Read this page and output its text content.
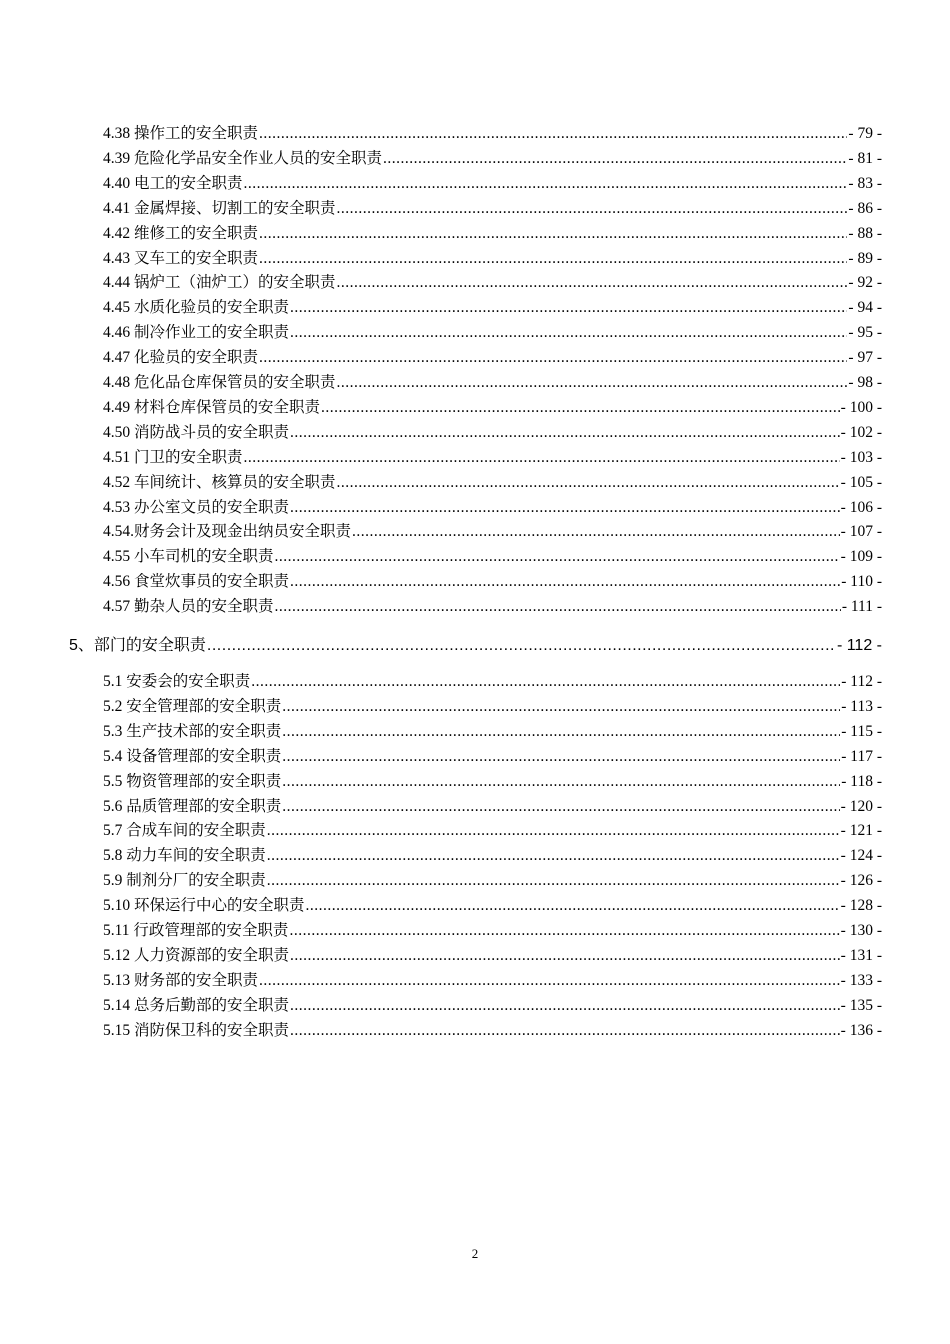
4.38 操作工的安全职责 .....	- 79 -
4.39 危险化学品安全作业人员的安全职责 .....	- 81 -
4.40 电工的安全职责 .....	- 83 -
4.41 金属焊接、切割工的安全职责 .....	- 86 -
4.42 维修工的安全职责 .....	- 88 -
4.43 叉车工的安全职责 .....	- 89 -
4.44 锅炉工（油炉工）的安全职责 .....	- 92 -
4.45 水质化验员的安全职责 .....	- 94 -
4.46 制冷作业工的安全职责 .....	- 95 -
4.47 化验员的安全职责 .....	- 97 -
4.48 危化品仓库保管员的安全职责 .....	- 98 -
4.49 材料仓库保管员的安全职责 .....	- 100 -
4.50 消防战斗员的安全职责 .....	- 102 -
4.51 门卫的安全职责 .....	- 103 -
4.52 车间统计、核算员的安全职责 .....	- 105 -
4.53 办公室文员的安全职责 .....	- 106 -
4.54.财务会计及现金出纳员安全职责 .....	- 107 -
4.55 小车司机的安全职责 .....	- 109 -
4.56 食堂炊事员的安全职责 .....	- 110 -
4.57 勤杂人员的安全职责 .....	- 111 -
5、部门的安全职责 .....	- 112 -
5.1 安委会的安全职责 .....	- 112 -
5.2 安全管理部的安全职责 .....	- 113 -
5.3 生产技术部的安全职责 .....	- 115 -
5.4 设备管理部的安全职责 .....	- 117 -
5.5 物资管理部的安全职责 .....	- 118 -
5.6 品质管理部的安全职责 .....	- 120 -
5.7 合成车间的安全职责 .....	- 121 -
5.8 动力车间的安全职责 .....	- 124 -
5.9 制剂分厂的安全职责 .....	- 126 -
5.10 环保运行中心的安全职责 .....	- 128 -
5.11 行政管理部的安全职责 .....	- 130 -
5.12 人力资源部的安全职责 .....	- 131 -
5.13 财务部的安全职责 .....	- 133 -
5.14 总务后勤部的安全职责 .....	- 135 -
5.15 消防保卫科的安全职责 .....	- 136 -
2
